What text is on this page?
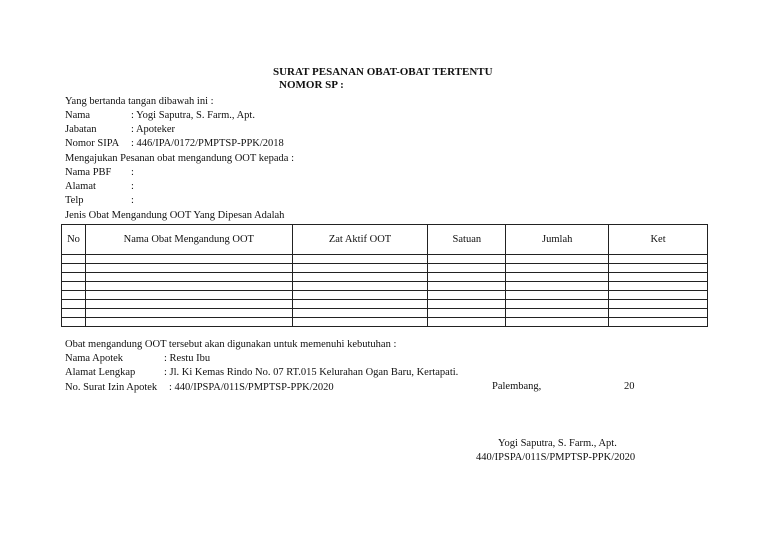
SURAT PESANAN OBAT-OBAT TERTENTU
NOMOR SP :
Yang bertanda tangan dibawah ini :
Nama	: Yogi Saputra, S. Farm., Apt.
Jabatan	: Apoteker
Nomor SIPA : 446/IPA/0172/PMPTSP-PPK/2018
Mengajukan Pesanan obat mengandung OOT kepada :
Nama PBF :
Alamat	:
Telp	:
Jenis Obat Mengandung OOT Yang Dipesan Adalah
No	Nama Obat Mengandung OOT	Zat Aktif OOT	Satuan	Jumlah	Ket

Obat mengandung OOT tersebut akan digunakan untuk memenuhi kebutuhan :
Nama Apotek	: Restu Ibu
Alamat Lengkap	: Jl. Ki Kemas Rindo No. 07 RT.015 Kelurahan Ogan Baru, Kertapati.
No. Surat Izin Apotek : 440/IPSPA/011S/PMPTSP-PPK/2020	Palembang,	20
Yogi Saputra, S. Farm., Apt.
440/IPSPA/011S/PMPTSP-PPK/2020
